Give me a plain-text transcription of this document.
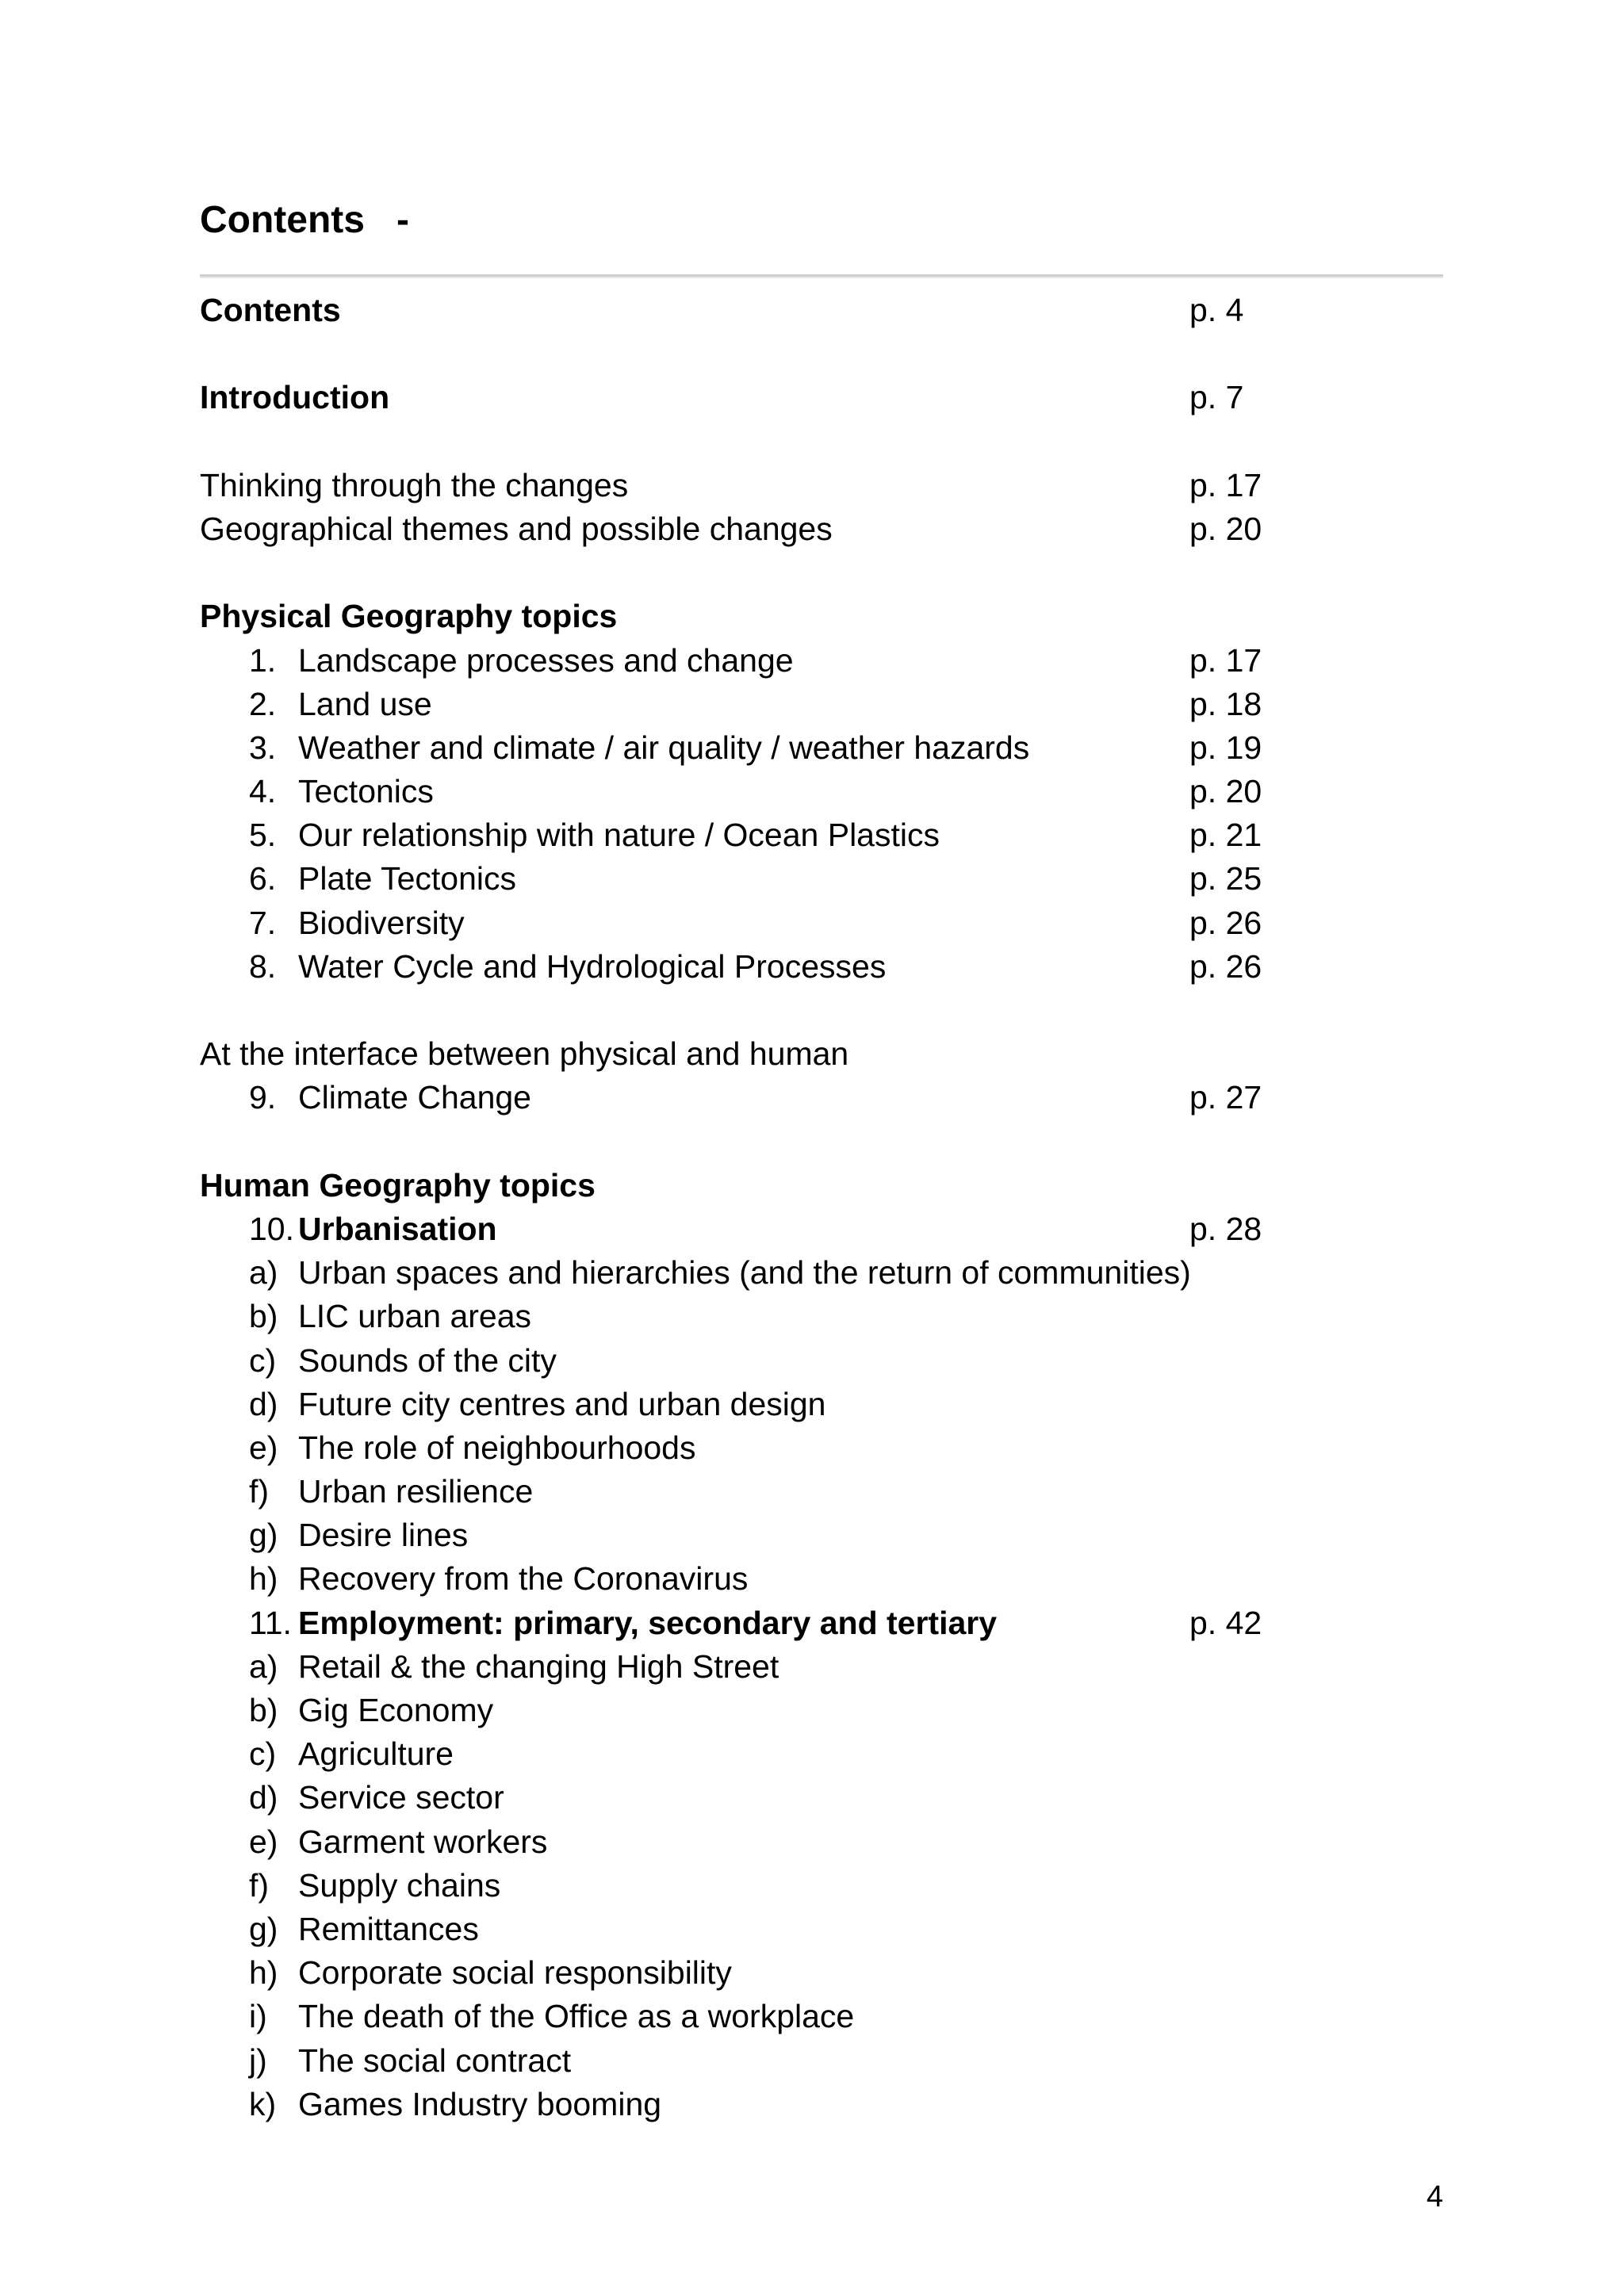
Contents   -
Contents	p. 4
Introduction	p. 7
Thinking through the changes	p. 17
Geographical themes and possible changes	p. 20
Physical Geography topics
1. Landscape processes and change	p. 17
2. Land use	p. 18
3. Weather and climate / air quality / weather hazards	p. 19
4. Tectonics	p. 20
5. Our relationship with nature / Ocean Plastics	p. 21
6. Plate Tectonics	p. 25
7. Biodiversity	p. 26
8. Water Cycle and Hydrological Processes	p. 26
At the interface between physical and human
9. Climate Change	p. 27
Human Geography topics
10. Urbanisation	p. 28
a) Urban spaces and hierarchies (and the return of communities)
b) LIC urban areas
c) Sounds of the city
d) Future city centres and urban design
e) The role of neighbourhoods
f) Urban resilience
g) Desire lines
h) Recovery from the Coronavirus
11. Employment: primary, secondary and tertiary	p. 42
a) Retail & the changing High Street
b) Gig Economy
c) Agriculture
d) Service sector
e) Garment workers
f) Supply chains
g) Remittances
h) Corporate social responsibility
i) The death of the Office as a workplace
j) The social contract
k) Games Industry booming
4
